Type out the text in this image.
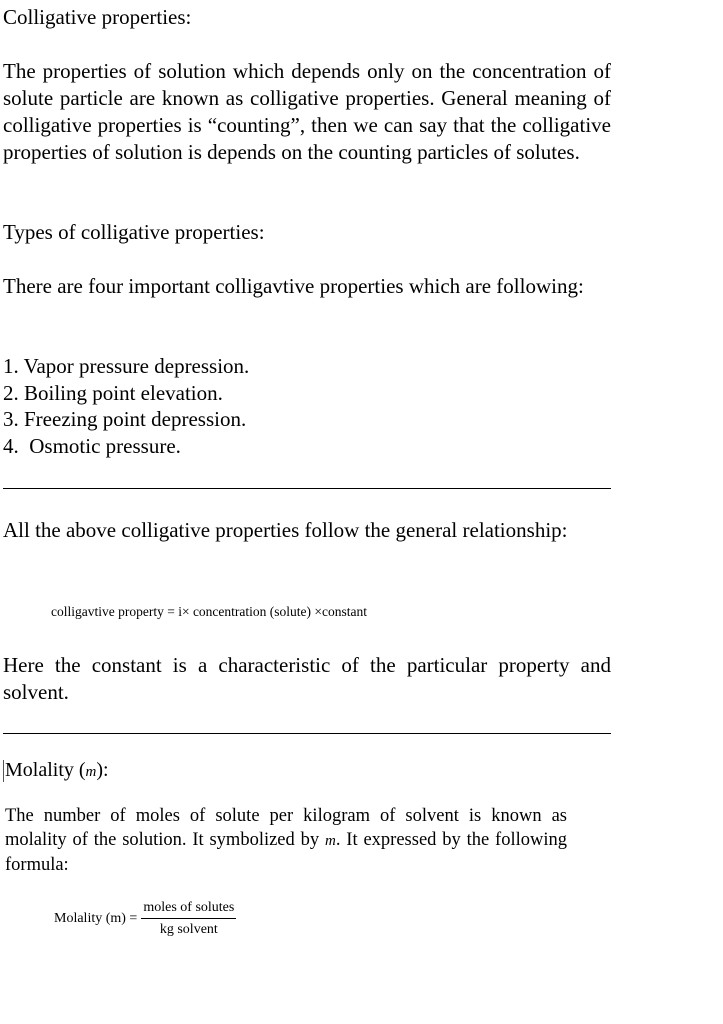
Colligative properties:
The properties of solution which depends only on the concentration of solute particle are known as colligative properties. General meaning of colligative properties is “counting”, then we can say that the colligative properties of solution is depends on the counting particles of solutes.
Types of colligative properties:
There are four important colligavtive properties which are following:
1. Vapor pressure depression.
2. Boiling point elevation.
3. Freezing point depression.
4.  Osmotic pressure.
All the above colligative properties follow the general relationship:
colligavtive property = i× concentration (solute) ×constant
Here the constant is a characteristic of the particular property and solvent.
Molality (m):
The number of moles of solute per kilogram of solvent is known as molality of the solution. It symbolized by m. It expressed by the following formula:
Molality $(m) = \frac{\text{moles of solutes}}{\text{kg solvent}}$
